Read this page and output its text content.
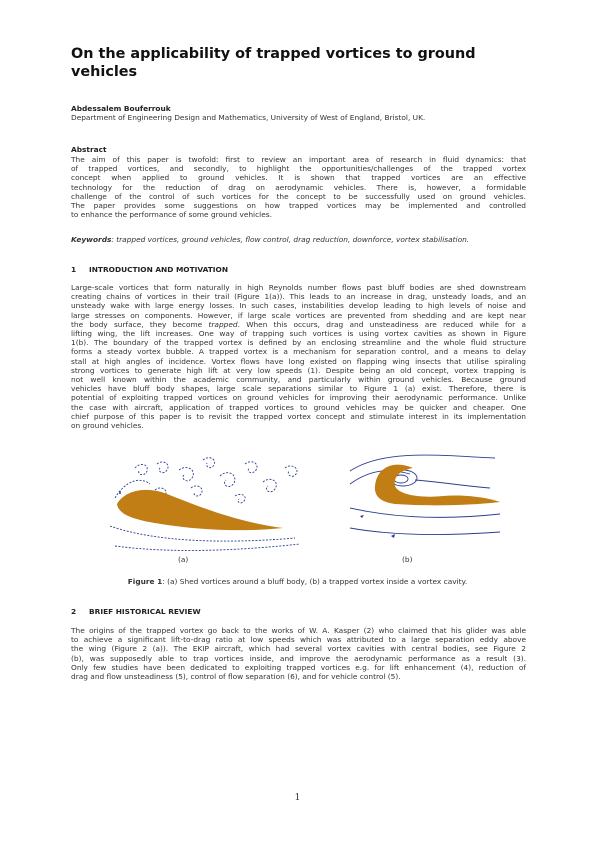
On the applicability of trapped vortices to ground vehicles
Abdessalem Bouferrouk
Department of Engineering Design and Mathematics, University of West of England, Bristol, UK.
Abstract
The aim of this paper is twofold: first to review an important area of research in fluid dynamics: that
of trapped vortices, and secondly, to highlight the opportunities/challenges of the trapped vortex
concept when applied to ground vehicles. It is shown that trapped vortices are an effective
technology for the reduction of drag on aerodynamic vehicles. There is, however, a formidable
challenge of the control of such vortices for the concept to be successfully used on ground vehicles.
The paper provides some suggestions on how trapped vortices may be implemented and controlled
to enhance the performance of some ground vehicles.
Keywords: trapped vortices, ground vehicles, flow control, drag reduction, downforce, vortex stabilisation.
1 INTRODUCTION AND MOTIVATION
Large-scale vortices that form naturally in high Reynolds number flows past bluff bodies are shed downstream
creating chains of vortices in their trail (Figure 1(a)). This leads to an increase in drag, unsteady loads, and an
unsteady wake with large energy losses. In such cases, instabilities develop leading to high levels of noise and
large stresses on components. However, if large scale vortices are prevented from shedding and are kept near
the body surface, they become trapped. When this occurs, drag and unsteadiness are reduced while for a
lifting wing, the lift increases. One way of trapping such vortices is using vortex cavities as shown in Figure
1(b). The boundary of the trapped vortex is defined by an enclosing streamline and the whole fluid structure
forms a steady vortex bubble. A trapped vortex is a mechanism for separation control, and a means to delay
stall at high angles of incidence. Vortex flows have long existed on flapping wing insects that utilise spiraling
strong vortices to generate high lift at very low speeds (1). Despite being an old concept, vortex trapping is
not well known within the academic community, and particularly within ground vehicles. Because ground
vehicles have bluff body shapes, large scale separations similar to Figure 1 (a) exist. Therefore, there is
potential of exploiting trapped vortices on ground vehicles for improving their aerodynamic performance. Unlike
the case with aircraft, application of trapped vortices to ground vehicles may be quicker and cheaper. One
chief purpose of this paper is to revisit the trapped vortex concept and stimulate interest in its implementation
on ground vehicles.
(a)	(b)
Figure 1: (a) Shed vortices around a bluff body, (b) a trapped vortex inside a vortex cavity.
2 BRIEF HISTORICAL REVIEW
The origins of the trapped vortex go back to the works of W. A. Kasper (2) who claimed that his glider was able
to achieve a significant lift-to-drag ratio at low speeds which was attributed to a large separation eddy above
the wing (Figure 2 (a)). The EKIP aircraft, which had several vortex cavities with central bodies, see Figure 2
(b), was supposedly able to trap vortices inside, and improve the aerodynamic performance as a result (3).
Only few studies have been dedicated to exploiting trapped vortices e.g. for lift enhancement (4), reduction of
drag and flow unsteadiness (5), control of flow separation (6), and for vehicle control (5).
1
